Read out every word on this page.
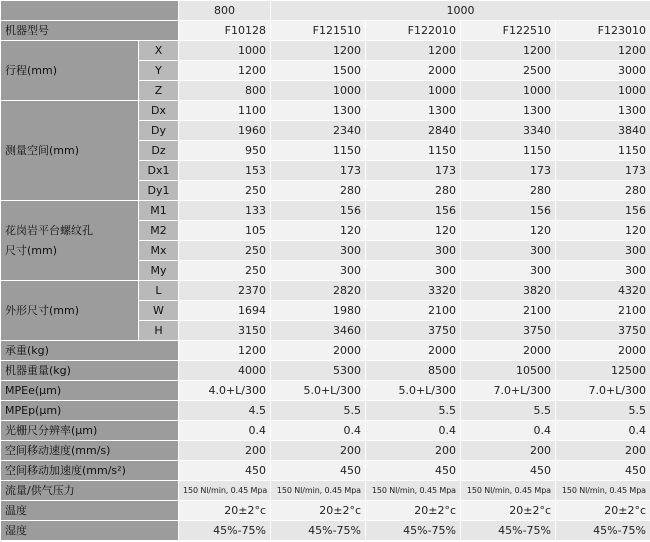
		800	1000			
机器型号		F10128	F121510	F122010	F122510	F123010
行程(mm)	X	1000	1200	1200	1200	1200
	Y	1200	1500	2000	2500	3000
	Z	800	1000	1000	1000	1000
测量空间(mm)	Dx	1100	1300	1300	1300	1300
	Dy	1960	2340	2840	3340	3840
	Dz	950	1150	1150	1150	1150
	Dx1	153	173	173	173	173
	Dy1	250	280	280	280	280

花岗岩平台螺纹孔
尺寸(mm)	M1	133	156	156	156	156
	M2	105	120	120	120	120
	Mx	250	300	300	300	300
	My	250	300	300	300	300
外形尺寸(mm)	L	2370	2820	3320	3820	4320
	W	1694	1980	2100	2100	2100
	H	3150	3460	3750	3750	3750
承重(kg)		1200	2000	2000	2000	2000
机器重量(kg)		4000	5300	8500	10500	12500
MPEe(μm)		4.0+L/300	5.0+L/300	5.0+L/300	7.0+L/300	7.0+L/300
MPEp(μm)		4.5	5.5	5.5	5.5	5.5
光栅尺分辨率(μm)		0.4	0.4	0.4	0.4	0.4
空间移动速度(mm/s)		200	200	200	200	200
空间移动加速度(mm/s²)		450	450	450	450	450
流量/供气压力		150 Nl/min, 0.45 Mpa	150 Nl/min, 0.45 Mpa	150 Nl/min, 0.45 Mpa	150 Nl/min, 0.45 Mpa	150 Nl/min, 0.45 Mpa
温度		20±2°c	20±2°c	20±2°c	20±2°c	20±2°c
湿度		45%-75%	45%-75%	45%-75%	45%-75%	45%-75%
